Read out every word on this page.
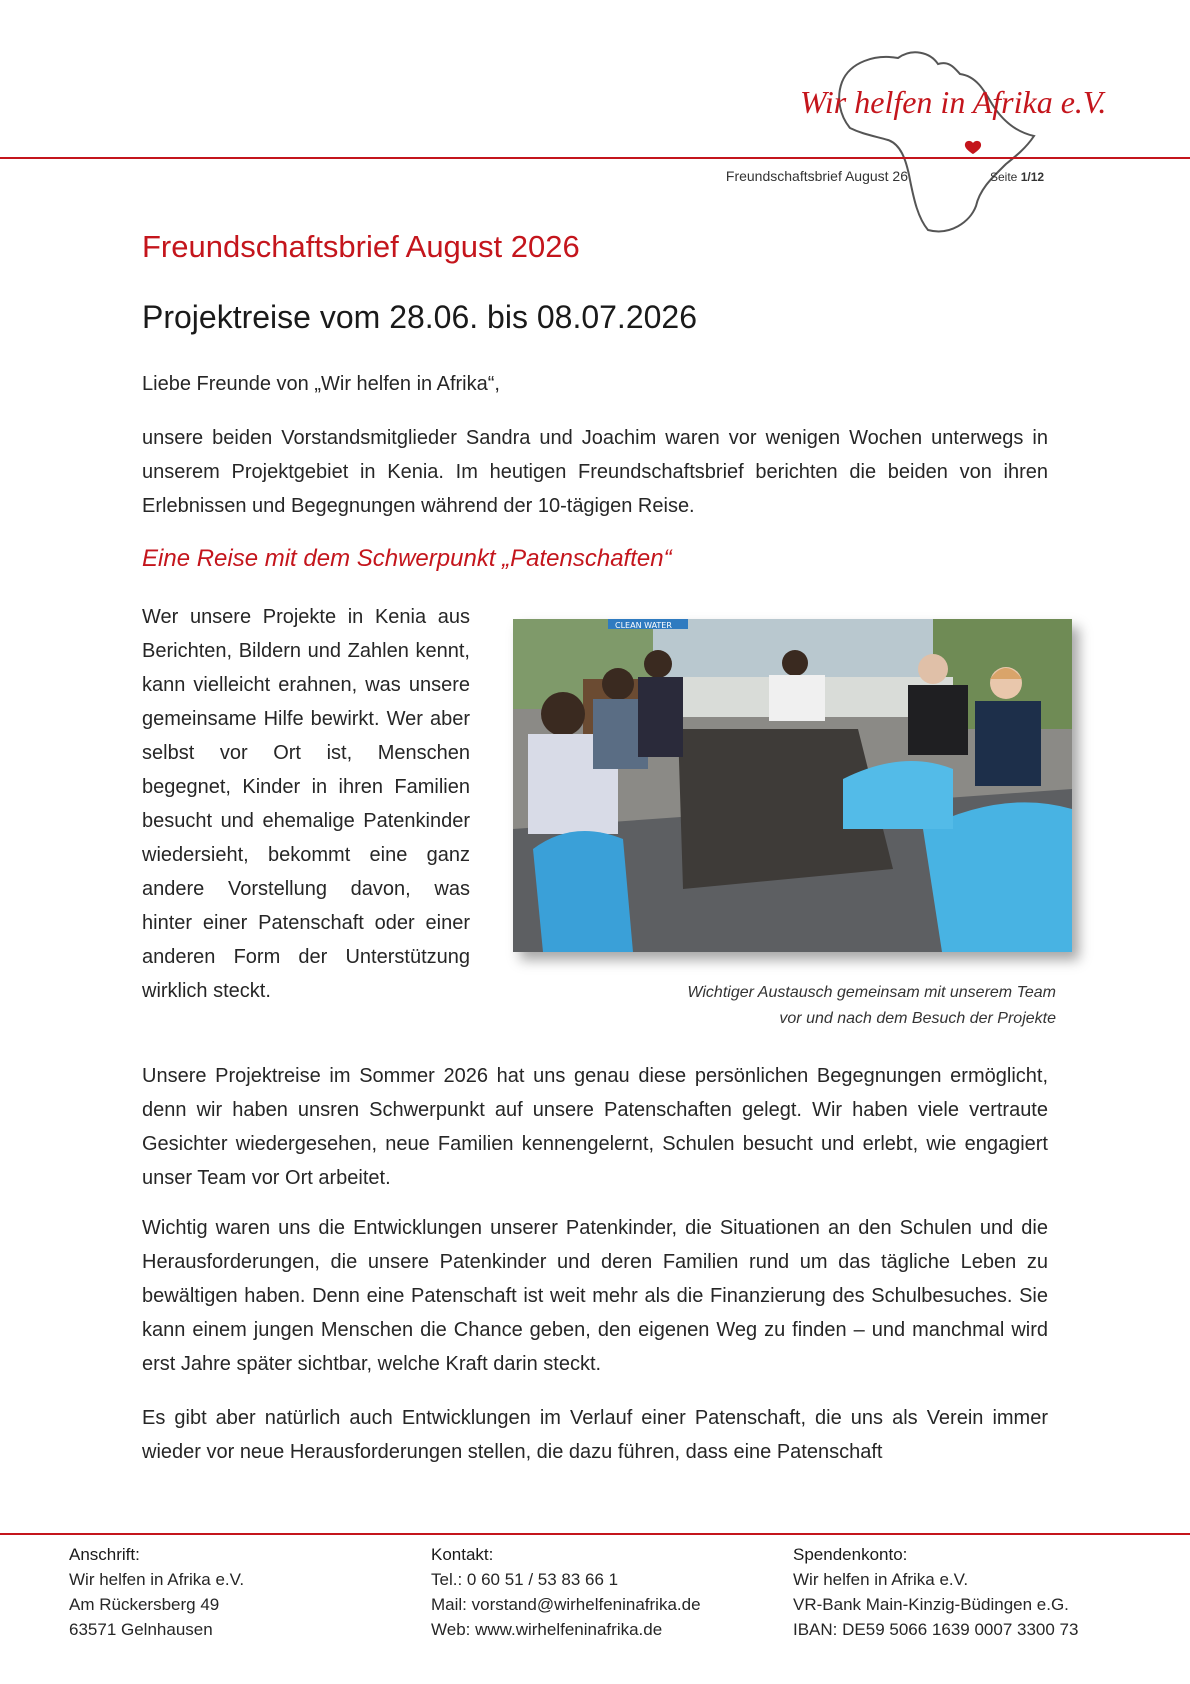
Wir helfen in Afrika e.V.
Freundschaftsbrief August 26	Seite 1/12
Freundschaftsbrief August 2026
Projektreise vom 28.06. bis 08.07.2026

Liebe Freunde von „Wir helfen in Afrika“,

unsere beiden Vorstandsmitglieder Sandra und Joachim waren vor wenigen Wochen unterwegs in unserem Projektgebiet in Kenia. Im heutigen Freundschaftsbrief berichten die beiden von ihren Erlebnissen und Begegnungen während der 10-tägigen Reise.

Eine Reise mit dem Schwerpunkt „Patenschaften“

Wer unsere Projekte in Kenia aus Berichten, Bildern und Zahlen kennt, kann vielleicht erahnen, was unsere gemeinsame Hilfe bewirkt. Wer aber selbst vor Ort ist, Menschen begegnet, Kinder in ihren Familien besucht und ehemalige Patenkinder wiedersieht, bekommt eine ganz andere Vorstellung davon, was hinter einer Patenschaft oder einer anderen Form der Unterstützung wirklich steckt.

CLEAN WATER
Wichtiger Austausch gemeinsam mit unserem Team
vor und nach dem Besuch der Projekte

Unsere Projektreise im Sommer 2026 hat uns genau diese persönlichen Begegnungen ermöglicht, denn wir haben unsren Schwerpunkt auf unsere Patenschaften gelegt. Wir haben viele vertraute Gesichter wiedergesehen, neue Familien kennengelernt, Schulen besucht und erlebt, wie engagiert unser Team vor Ort arbeitet.

Wichtig waren uns die Entwicklungen unserer Patenkinder, die Situationen an den Schulen und die Herausforderungen, die unsere Patenkinder und deren Familien rund um das tägliche Leben zu bewältigen haben. Denn eine Patenschaft ist weit mehr als die Finanzierung des Schulbesuches. Sie kann einem jungen Menschen die Chance geben, den eigenen Weg zu finden – und manchmal wird erst Jahre später sichtbar, welche Kraft darin steckt.

Es gibt aber natürlich auch Entwicklungen im Verlauf einer Patenschaft, die uns als Verein immer wieder vor neue Herausforderungen stellen, die dazu führen, dass eine Patenschaft

Anschrift:
Wir helfen in Afrika e.V.
Am Rückersberg 49
63571 Gelnhausen
Kontakt:
Tel.: 0 60 51 / 53 83 66 1
Mail: vorstand@wirhelfeninafrika.de
Web: www.wirhelfeninafrika.de
Spendenkonto:
Wir helfen in Afrika e.V.
VR-Bank Main-Kinzig-Büdingen e.G.
IBAN: DE59 5066 1639 0007 3300 73
